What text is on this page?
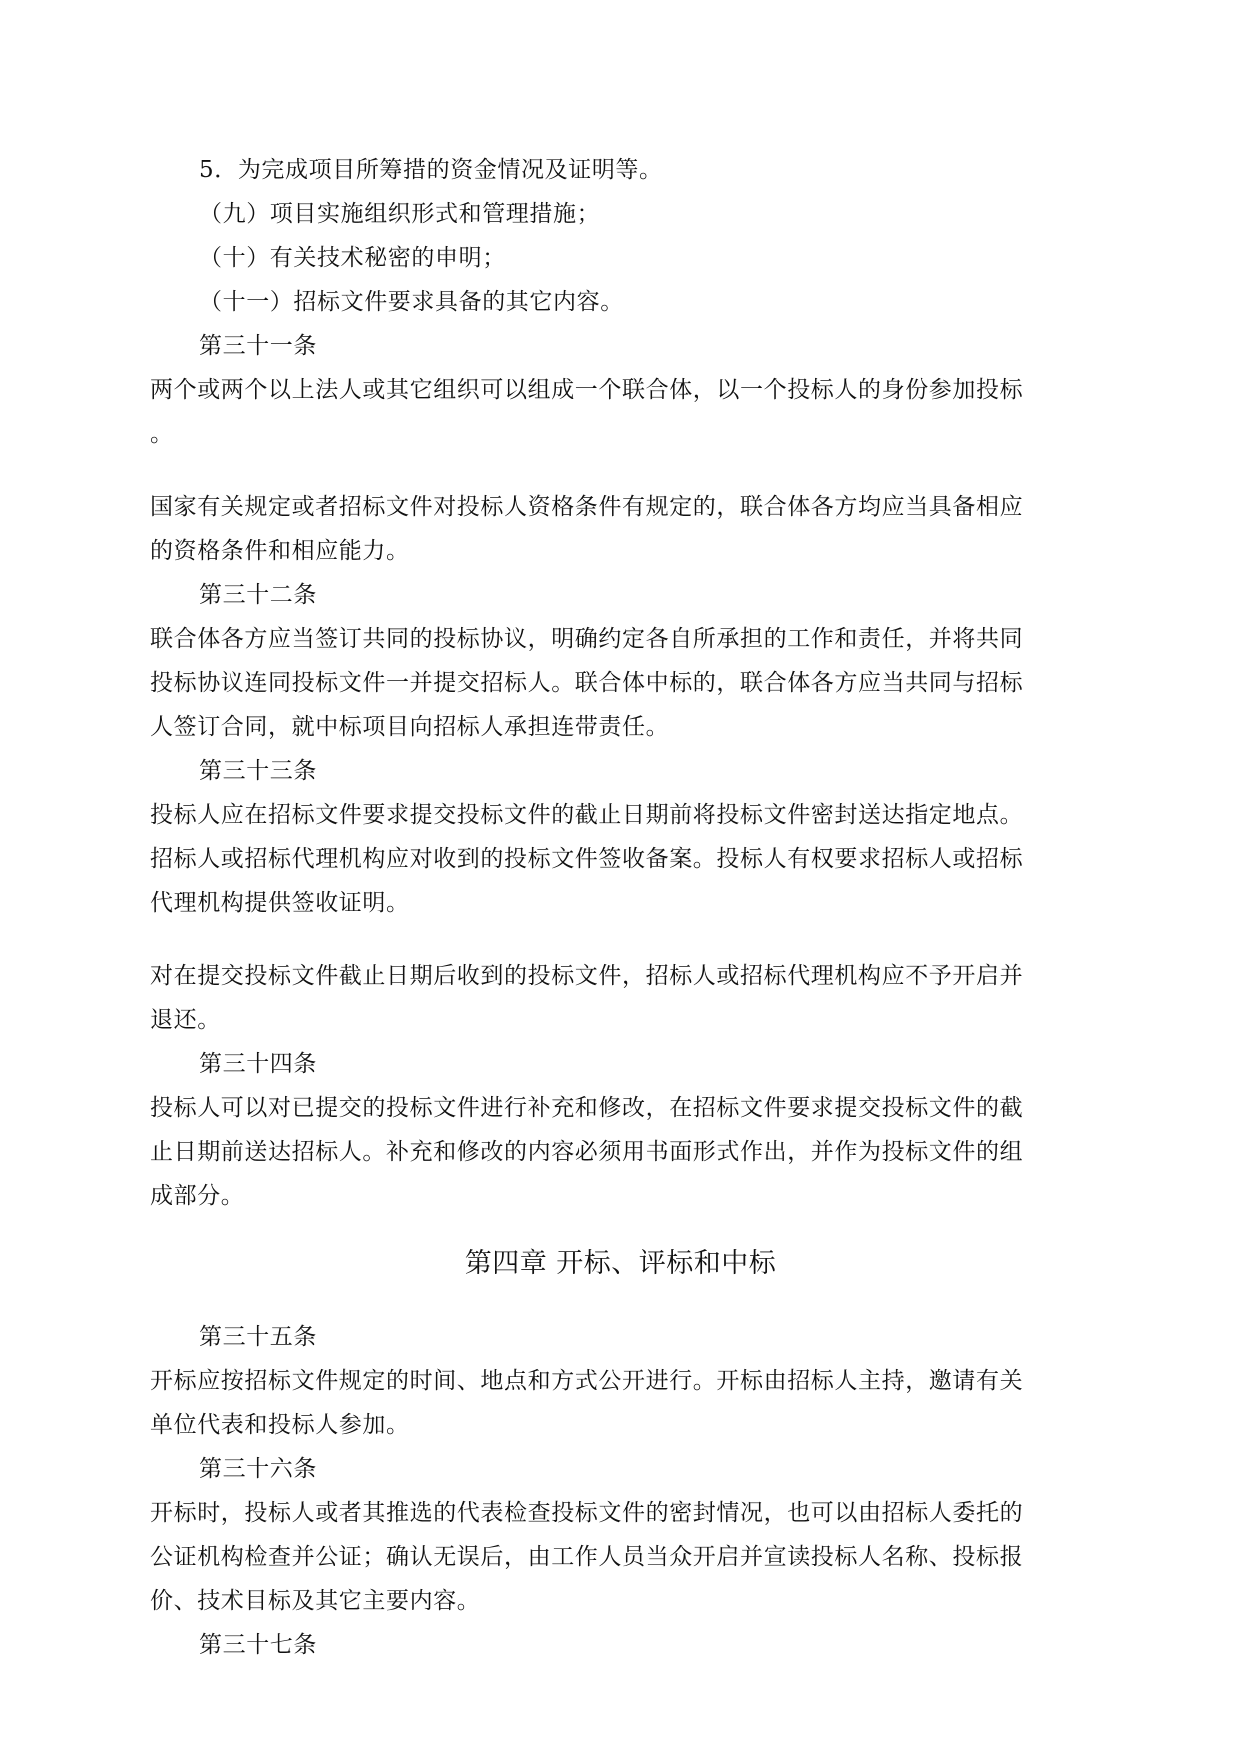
5．为完成项目所筹措的资金情况及证明等。
（九）项目实施组织形式和管理措施；
（十）有关技术秘密的申明；
（十一）招标文件要求具备的其它内容。
第三十一条
两个或两个以上法人或其它组织可以组成一个联合体，以一个投标人的身份参加投标
。
国家有关规定或者招标文件对投标人资格条件有规定的，联合体各方均应当具备相应
的资格条件和相应能力。
第三十二条
联合体各方应当签订共同的投标协议，明确约定各自所承担的工作和责任，并将共同
投标协议连同投标文件一并提交招标人。联合体中标的，联合体各方应当共同与招标
人签订合同，就中标项目向招标人承担连带责任。
第三十三条
投标人应在招标文件要求提交投标文件的截止日期前将投标文件密封送达指定地点。
招标人或招标代理机构应对收到的投标文件签收备案。投标人有权要求招标人或招标
代理机构提供签收证明。
对在提交投标文件截止日期后收到的投标文件，招标人或招标代理机构应不予开启并
退还。
第三十四条
投标人可以对已提交的投标文件进行补充和修改，在招标文件要求提交投标文件的截
止日期前送达招标人。补充和修改的内容必须用书面形式作出，并作为投标文件的组
成部分。
第四章 开标、评标和中标
第三十五条
开标应按招标文件规定的时间、地点和方式公开进行。开标由招标人主持，邀请有关
单位代表和投标人参加。
第三十六条
开标时，投标人或者其推选的代表检查投标文件的密封情况，也可以由招标人委托的
公证机构检查并公证；确认无误后，由工作人员当众开启并宣读投标人名称、投标报
价、技术目标及其它主要内容。
第三十七条
